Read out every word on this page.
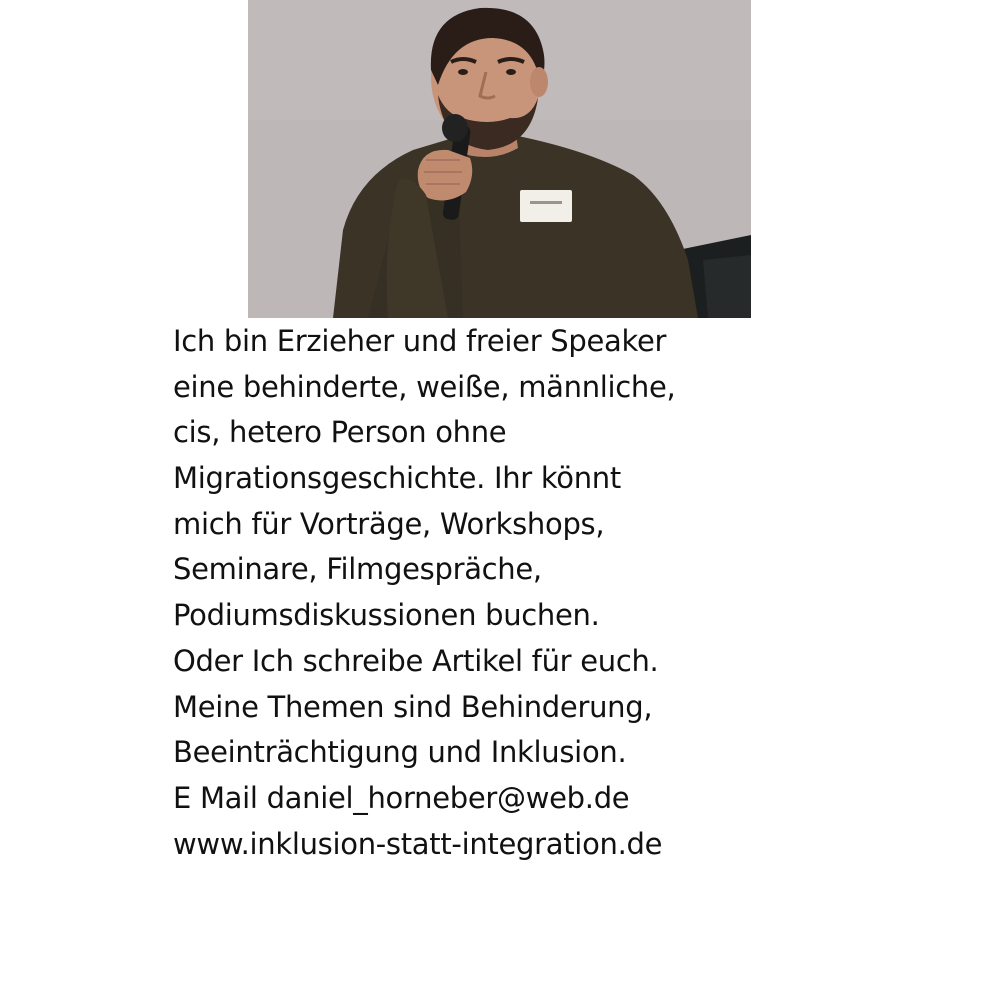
Ich bin Erzieher und freier Speaker
eine behinderte, weiße, männliche,
cis, hetero Person ohne
Migrationsgeschichte. Ihr könnt
mich für Vorträge, Workshops,
Seminare, Filmgespräche,
Podiumsdiskussionen buchen.
Oder Ich schreibe Artikel für euch.
Meine Themen sind Behinderung,
Beeinträchtigung und Inklusion.
E Mail daniel_horneber@web.de
www.inklusion-statt-integration.de
